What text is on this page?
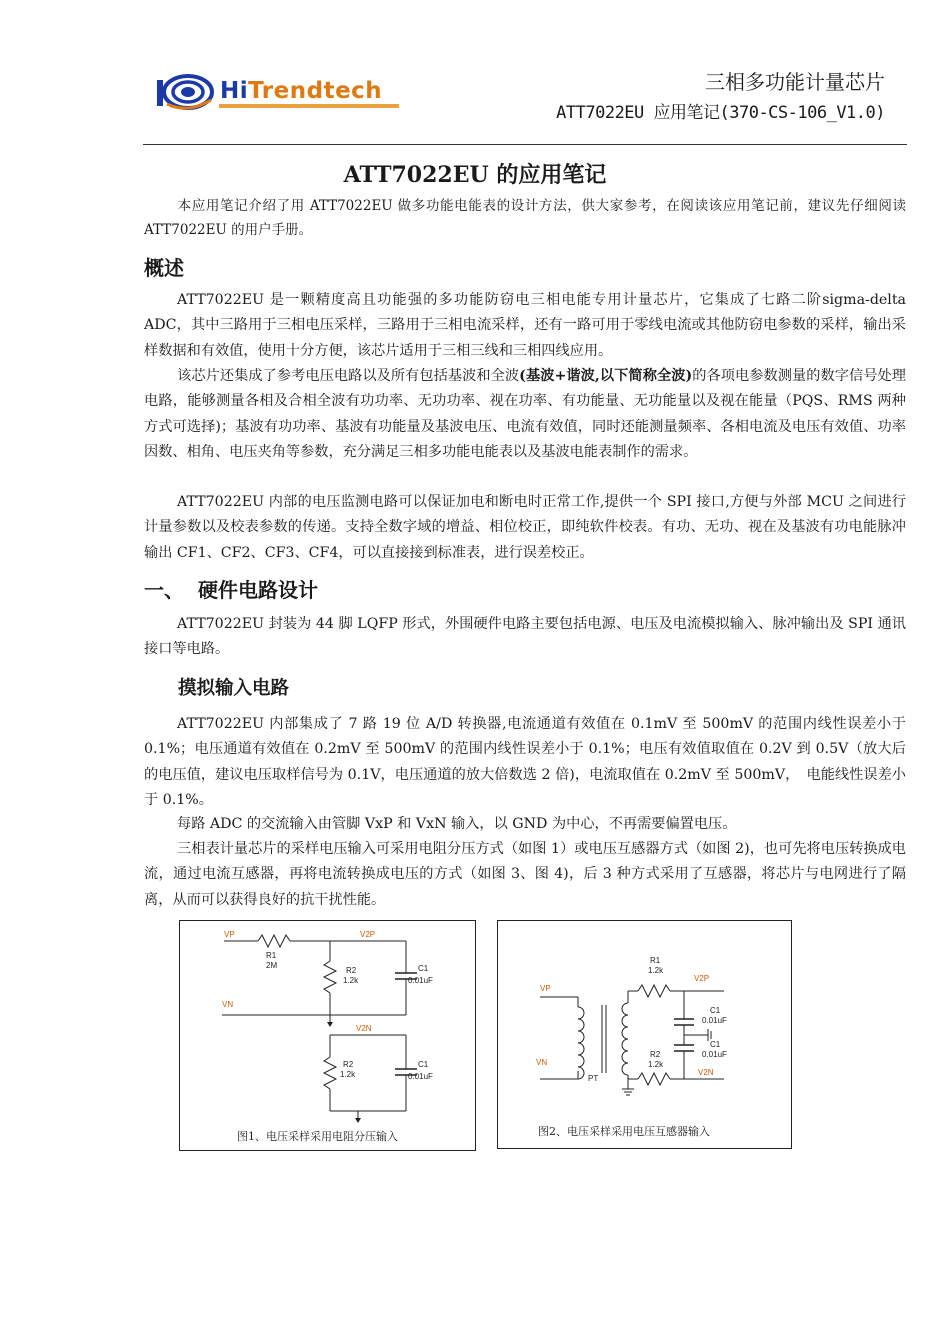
HiTrendtech	三相多功能计量芯片
ATT7022EU 应用笔记(370-CS-106_V1.0)
ATT7022EU 的应用笔记
本应用笔记介绍了用 ATT7022EU 做多功能电能表的设计方法，供大家参考，在阅读该应用笔记前，建议先仔细阅读 ATT7022EU 的用户手册。
概述
ATT7022EU 是一颗精度高且功能强的多功能防窃电三相电能专用计量芯片，它集成了七路二阶sigma-delta ADC，其中三路用于三相电压采样，三路用于三相电流采样，还有一路可用于零线电流或其他防窃电参数的采样，输出采样数据和有效值，使用十分方便，该芯片适用于三相三线和三相四线应用。
该芯片还集成了参考电压电路以及所有包括基波和全波(基波+谐波,以下简称全波)的各项电参数测量的数字信号处理电路，能够测量各相及合相全波有功功率、无功功率、视在功率、有功能量、无功能量以及视在能量（PQS、RMS 两种方式可选择)；基波有功功率、基波有功能量及基波电压、电流有效值，同时还能测量频率、各相电流及电压有效值、功率因数、相角、电压夹角等参数，充分满足三相多功能电能表以及基波电能表制作的需求。
ATT7022EU 内部的电压监测电路可以保证加电和断电时正常工作,提供一个 SPI 接口,方便与外部 MCU 之间进行计量参数以及校表参数的传递。支持全数字域的增益、相位校正，即纯软件校表。有功、无功、视在及基波有功电能脉冲输出 CF1、CF2、CF3、CF4，可以直接接到标准表，进行误差校正。
一、 硬件电路设计
ATT7022EU 封装为 44 脚 LQFP 形式，外围硬件电路主要包括电源、电压及电流模拟输入、脉冲输出及 SPI 通讯接口等电路。
摸拟输入电路
ATT7022EU 内部集成了 7 路 19 位 A/D 转换器,电流通道有效值在 0.1mV 至 500mV 的范围内线性误差小于 0.1%；电压通道有效值在 0.2mV 至 500mV 的范围内线性误差小于 0.1%；电压有效值取值在 0.2V 到 0.5V（放大后的电压值，建议电压取样信号为 0.1V，电压通道的放大倍数选 2 倍)，电流取值在 0.2mV 至 500mV，　电能线性误差小于 0.1%。
每路 ADC 的交流输入由管脚 VxP 和 VxN 输入，以 GND 为中心，不再需要偏置电压。
三相表计量芯片的采样电压输入可采用电阻分压方式（如图 1）或电压互感器方式（如图 2)，也可先将电压转换成电流，通过电流互感器，再将电流转换成电压的方式（如图 3、图 4)，后 3 种方式采用了互感器，将芯片与电网进行了隔离，从而可以获得良好的抗干扰性能。
VP	V2P
R1
2M
R2
1.2k
C1
0.01uF
VN
V2N
R2
1.2k
C1
0.01uF
图1、电压采样采用电阻分压输入
R1
1.2k
V2P
VP
VN
PT
C1
0.01uF
C1
0.01uF
R2
1.2k
V2N
图2、电压采样采用电压互感器输入
